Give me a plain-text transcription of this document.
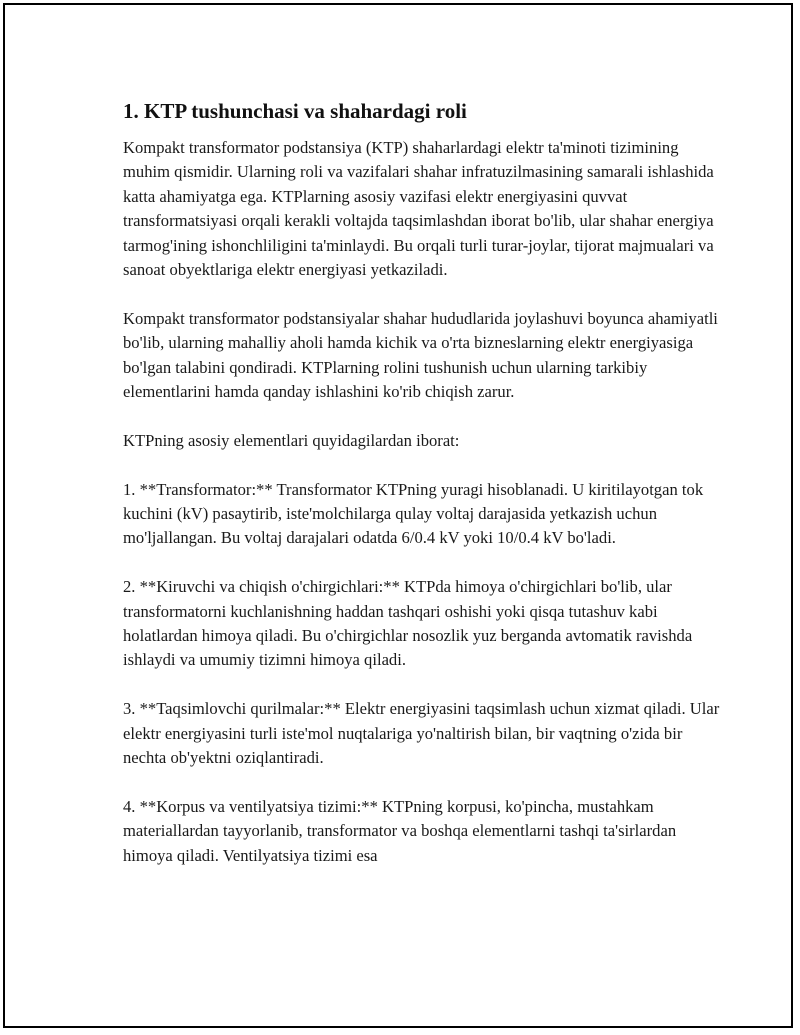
1. KTP tushunchasi va shahardagi roli

Kompakt transformator podstansiya (KTP) shaharlardagi elektr ta'minoti tizimining muhim qismidir. Ularning roli va vazifalari shahar infratuzilmasining samarali ishlashida katta ahamiyatga ega. KTPlarning asosiy vazifasi elektr energiyasini quvvat transformatsiyasi orqali kerakli voltajda taqsimlashdan iborat bo'lib, ular shahar energiya tarmog'ining ishonchliligini ta'minlaydi. Bu orqali turli turar-joylar, tijorat majmualari va sanoat obyektlariga elektr energiyasi yetkaziladi.

Kompakt transformator podstansiyalar shahar hududlarida joylashuvi boyunca ahamiyatli bo'lib, ularning mahalliy aholi hamda kichik va o'rta bizneslarning elektr energiyasiga bo'lgan talabini qondiradi. KTPlarning rolini tushunish uchun ularning tarkibiy elementlarini hamda qanday ishlashini ko'rib chiqish zarur.

KTPning asosiy elementlari quyidagilardan iborat:

1. **Transformator:** Transformator KTPning yuragi hisoblanadi. U kiritilayotgan tok kuchini (kV) pasaytirib, iste'molchilarga qulay voltaj darajasida yetkazish uchun mo'ljallangan. Bu voltaj darajalari odatda 6/0.4 kV yoki 10/0.4 kV bo'ladi.

2. **Kiruvchi va chiqish o'chirgichlari:** KTPda himoya o'chirgichlari bo'lib, ular transformatorni kuchlanishning haddan tashqari oshishi yoki qisqa tutashuv kabi holatlardan himoya qiladi. Bu o'chirgichlar nosozlik yuz berganda avtomatik ravishda ishlaydi va umumiy tizimni himoya qiladi.

3. **Taqsimlovchi qurilmalar:** Elektr energiyasini taqsimlash uchun xizmat qiladi. Ular elektr energiyasini turli iste'mol nuqtalariga yo'naltirish bilan, bir vaqtning o'zida bir nechta ob'yektni oziqlantiradi.

4. **Korpus va ventilyatsiya tizimi:** KTPning korpusi, ko'pincha, mustahkam materiallardan tayyorlanib, transformator va boshqa elementlarni tashqi ta'sirlardan himoya qiladi. Ventilyatsiya tizimi esa
